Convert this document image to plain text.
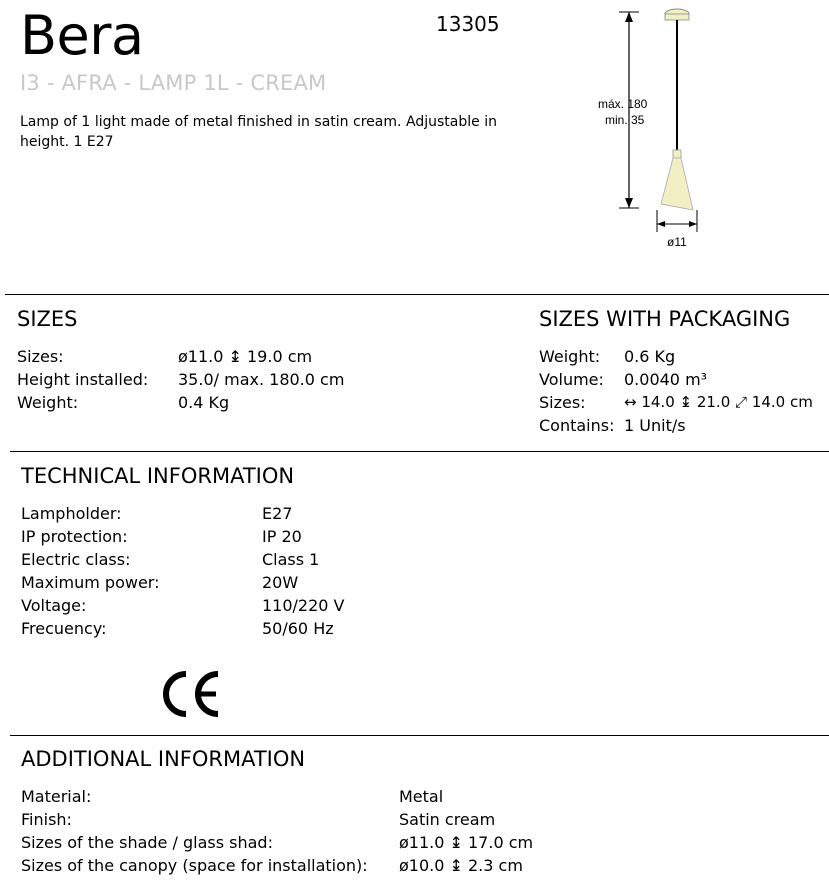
Bera	13305
I3 - AFRA - LAMP 1L - CREAM
Lamp of 1 light made of metal finished in satin cream. Adjustable in height. 1 E27
máx. 180
min. 35
ø11
SIZES
Sizes:	ø11.0 ↨ 19.0 cm
Height installed: 35.0/ max. 180.0 cm
Weight:	0.4 Kg
SIZES WITH PACKAGING
Weight: 0.6 Kg
Volume: 0.0040 m³
Sizes:	↔ 14.0 ↨ 21.0 ⤢ 14.0 cm
Contains: 1 Unit/s
TECHNICAL INFORMATION
Lampholder:	E27
IP protection:	IP 20
Electric class:	Class 1
Maximum power:	20W
Voltage:	110/220 V
Frecuency:	50/60 Hz
ADDITIONAL INFORMATION
Material:	Metal
Finish:	Satin cream
Sizes of the shade / glass shad:	ø11.0 ↨ 17.0 cm
Sizes of the canopy (space for installation): ø10.0 ↨ 2.3 cm
